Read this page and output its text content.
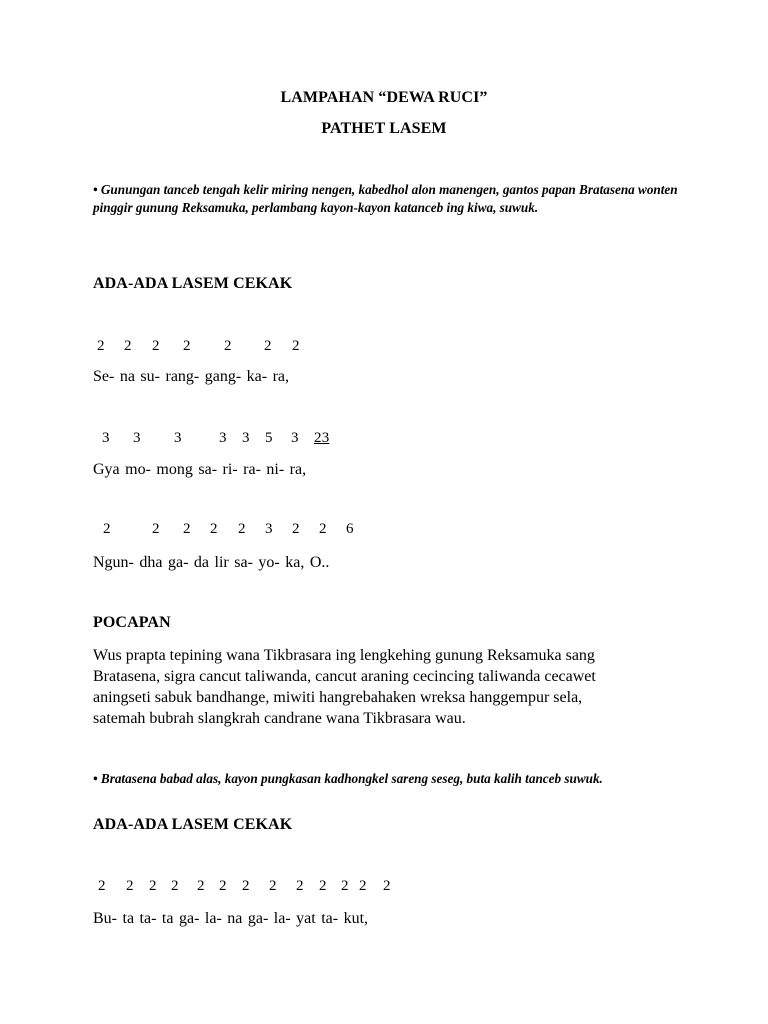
LAMPAHAN “DEWA RUCI”
PATHET LASEM
• Gunungan tanceb tengah kelir miring nengen, kabedhol alon manengen, gantos papan Bratasena wonten pinggir gunung Reksamuka, perlambang kayon-kayon katanceb ing kiwa, suwuk.
ADA-ADA LASEM CEKAK
2 2 2 2 2 2 2
Se- na su- rang- gang- ka- ra,
3 3 3 3 3 5 3 23
Gya mo- mong sa- ri- ra- ni- ra,
2	2 2 2 2 3 2 2 6
Ngun- dha ga- da lir sa- yo- ka, O..
POCAPAN
Wus prapta tepining wana Tikbrasara ing lengkehing gunung Reksamuka sang
Bratasena, sigra cancut taliwanda, cancut araning cecincing taliwanda cecawet
aningseti sabuk bandhange, miwiti hangrebahaken wreksa hanggempur sela,
satemah bubrah slangkrah candrane wana Tikbrasara wau.
• Bratasena babad alas, kayon pungkasan kadhongkel sareng seseg, buta kalih tanceb suwuk.
ADA-ADA LASEM CEKAK
2 2 2 2 2 2 2 2 2 2 2 2 2
Bu- ta ta- ta ga- la- na ga- la- yat ta- kut,
